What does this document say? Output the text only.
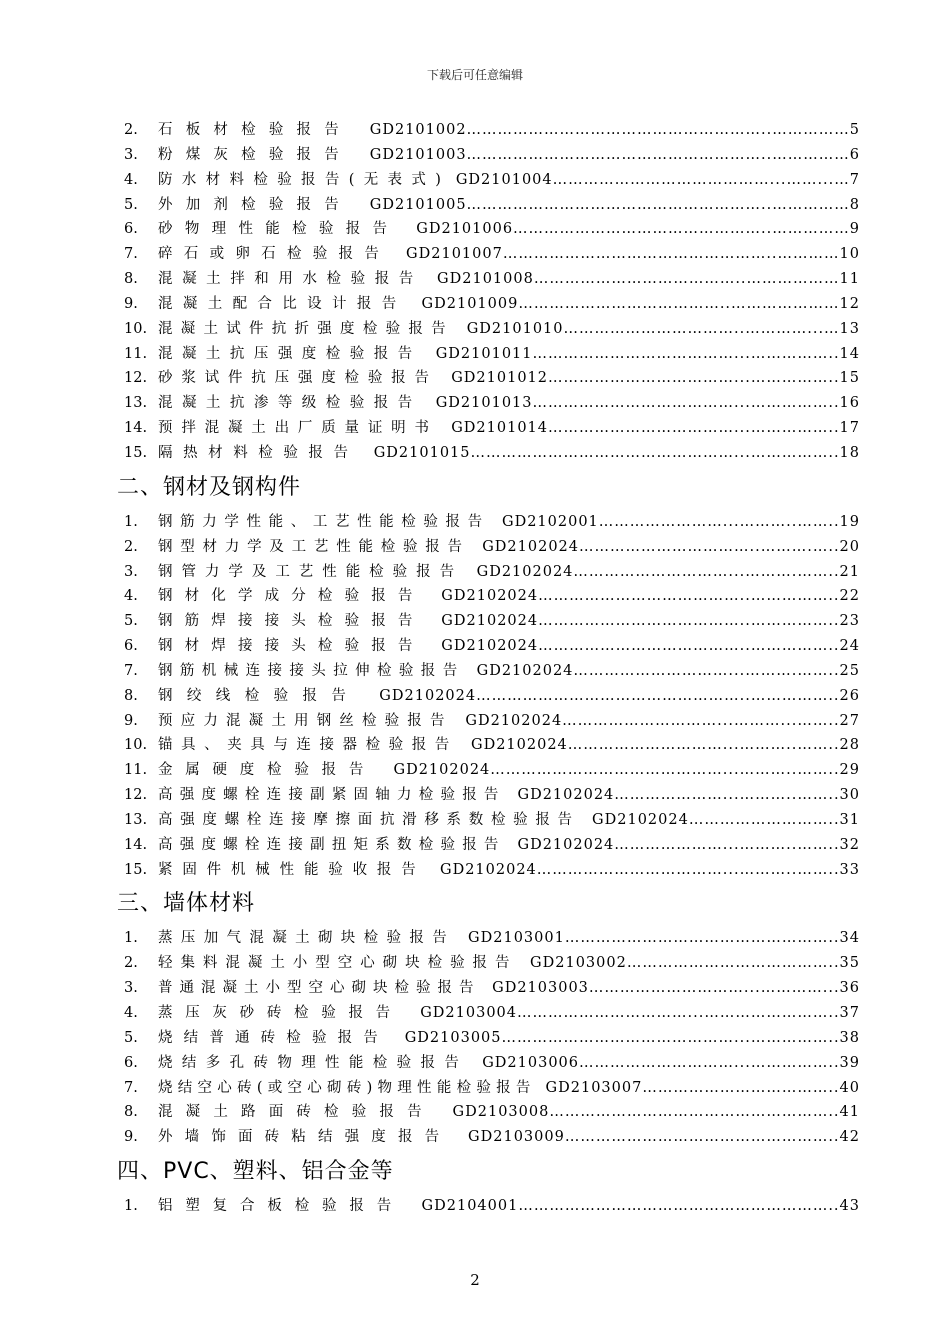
下载后可任意编辑
2.	石板材检验报告 GD2101002…………………………………………………..……………5
3.	粉煤灰检验报告 GD2101003…………………………………………………..……………6
4.	防水材料检验报告(无表式) GD2101004……………………………………...……...…7
5.	外加剂检验报告 GD2101005…………………………………………………..……………8
6.	砂物理性能检验报告 GD2101006…………………………………………..……………9
7.	碎石或卵石检验报告 GD2101007……………………………………………..…………10
8.	混凝土拌和用水检验报告 GD2101008…………………………………..………………11
9.	混凝土配合比设计报告 GD2101009…………………………………..…………………12
10. 混凝土试件抗折强度检验报告 GD2101010……………………………..…………...…13
11. 混凝土抗压强度检验报告 GD2101011…………………………………...……………..14
12. 砂浆试件抗压强度检验报告 GD2101012………………………………...……………..15
13. 混凝土抗渗等级检验报告 GD2101013…………………………………...……………..16
14. 预拌混凝土出厂质量证明书 GD2101014………………………………...……………..17
15. 隔热材料检验报告 GD2101015……………………………………………...……………..18
二、钢材及钢构件
1.	钢筋力学性能、工艺性能检验报告 GD2102001……………………...………..……..19
2.	钢型材力学及工艺性能检验报告 GD2102024……………………………..……….…..20
3.	钢管力学及工艺性能检验报告 GD2102024…………………………...……….……..21
4.	钢材化学成分检验报告 GD2102024…………………………………..……………..22
5.	钢筋焊接接头检验报告 GD2102024…………………………………..……………..23
6.	钢材焊接接头检验报告 GD2102024…………………………………..……………..24
7.	钢筋机械连接接头拉伸检验报告 GD2102024…………………………...……….……..25
8.	钢绞线检验报告 GD2102024……………………………………………..……………..26
9.	预应力混凝土用钢丝检验报告 GD2102024…………………………...………...……..27
10. 锚具、夹具与连接器检验报告 GD2102024…………………………...………..……..28
11. 金属硬度检验报告 GD2102024………………………………………...………..……..29
12. 高强度螺栓连接副紧固轴力检验报告 GD2102024…………………...………..……..30
13. 高强度螺栓连接摩擦面抗滑移系数检验报告 GD2102024………………………..31
14. 高强度螺栓连接副扭矩系数检验报告 GD2102024…………………...………..……..32
15. 紧固件机械性能验收报告 GD2102024………………………………...………..……..33
三、墙体材料
1.	蒸压加气混凝土砌块检验报告 GD2103001……………………………………………..34
2.	轻集料混凝土小型空心砌块检验报告 GD2103002…………………………………..35
3.	普通混凝土小型空心砌块检验报告 GD2103003…………………………...…………...36
4.	蒸压灰砂砖检验报告 GD2103004……………………………...……………………..37
5.	烧结普通砖检验报告 GD2103005………………………………………...……………..38
6.	烧结多孔砖物理性能检验报告 GD2103006…………………………...……………..39
7.	烧结空心砖(或空心砌砖)物理性能检验报告 GD2103007………………………………..40
8.	混凝土路面砖检验报告 GD2103008………………………………………………..41
9.	外墙饰面砖粘结强度报告 GD2103009……………………………………………..42
四、PVC、塑料、铝合金等
1.	铝塑复合板检验报告 GD2104001……………………………………………………..43
2
